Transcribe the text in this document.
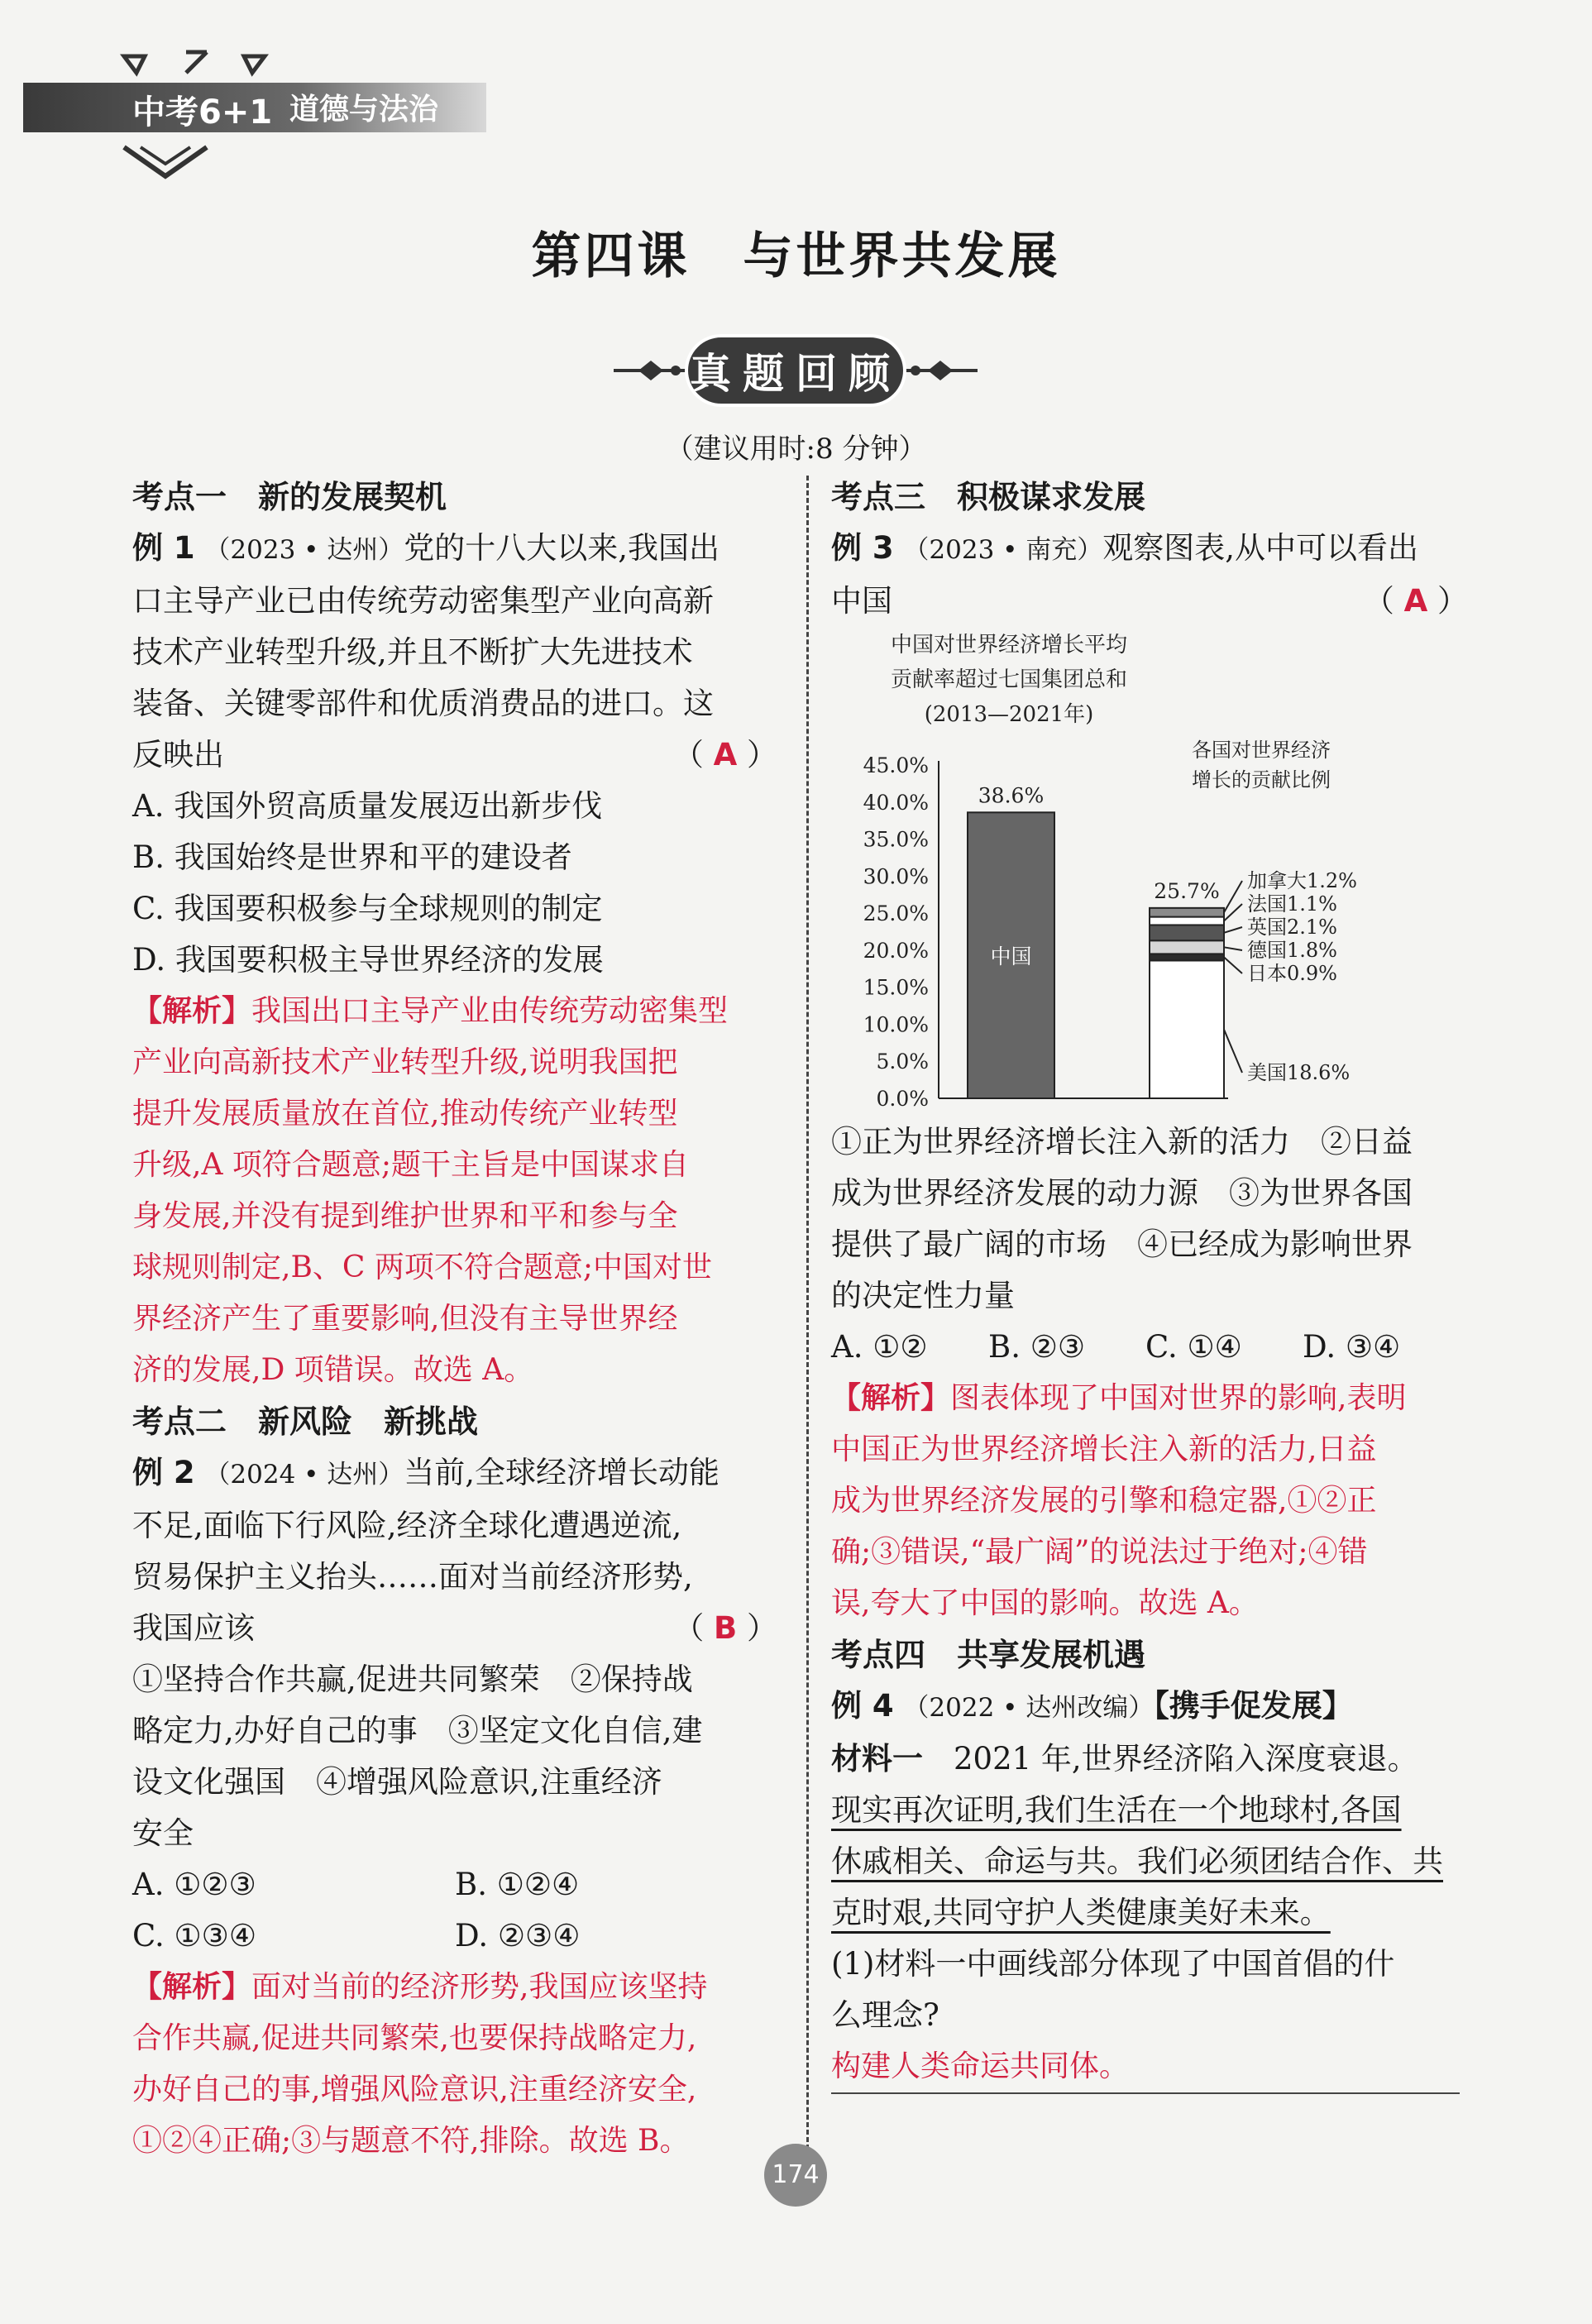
中考6+1 道德与法治
第四课　与世界共发展
真题回顾
（建议用时:8 分钟）
考点一　新的发展契机
例 1 （2023 • 达州）党的十八大以来,我国出
口主导产业已由传统劳动密集型产业向高新
技术产业转型升级,并且不断扩大先进技术
装备、关键零部件和优质消费品的进口。这
反映出	（ A ）
A. 我国外贸高质量发展迈出新步伐
B. 我国始终是世界和平的建设者
C. 我国要积极参与全球规则的制定
D. 我国要积极主导世界经济的发展
【解析】我国出口主导产业由传统劳动密集型
产业向高新技术产业转型升级,说明我国把
提升发展质量放在首位,推动传统产业转型
升级,A 项符合题意;题干主旨是中国谋求自
身发展,并没有提到维护世界和平和参与全
球规则制定,B、C 两项不符合题意;中国对世
界经济产生了重要影响,但没有主导世界经
济的发展,D 项错误。故选 A。
考点二　新风险　新挑战
例 2 （2024 • 达州）当前,全球经济增长动能
不足,面临下行风险,经济全球化遭遇逆流,
贸易保护主义抬头……面对当前经济形势,
我国应该	（ B ）
①坚持合作共赢,促进共同繁荣　②保持战
略定力,办好自己的事　③坚定文化自信,建
设文化强国　④增强风险意识,注重经济
安全
A. ①②③	B. ①②④
C. ①③④	D. ②③④
【解析】面对当前的经济形势,我国应该坚持
合作共赢,促进共同繁荣,也要保持战略定力,
办好自己的事,增强风险意识,注重经济安全,
①②④正确;③与题意不符,排除。故选 B。
考点三　积极谋求发展
例 3 （2023 • 南充）观察图表,从中可以看出
中国	（ A ）
中国对世界经济增长平均
贡献率超过七国集团总和
(2013—2021年)
各国对世界经济
增长的贡献比例
45.0%
40.0%
35.0%
30.0%
25.0%
20.0%
15.0%
10.0%
5.0%
0.0%
38.6%
中国
美国18.6%
日本0.9%
德国1.8%
英国2.1%
法国1.1%
加拿大1.2%
25.7%
①正为世界经济增长注入新的活力　②日益
成为世界经济发展的动力源　③为世界各国
提供了最广阔的市场　④已经成为影响世界
的决定性力量
A. ①②	B. ②③	C. ①④	D. ③④
【解析】图表体现了中国对世界的影响,表明
中国正为世界经济增长注入新的活力,日益
成为世界经济发展的引擎和稳定器,①②正
确;③错误,“最广阔”的说法过于绝对;④错
误,夸大了中国的影响。故选 A。
考点四　共享发展机遇
例 4 （2022 • 达州改编）【携手促发展】
材料一　2021 年,世界经济陷入深度衰退。
现实再次证明,我们生活在一个地球村,各国
休戚相关、命运与共。我们必须团结合作、共
克时艰,共同守护人类健康美好未来。
(1)材料一中画线部分体现了中国首倡的什
么理念?
构建人类命运共同体。
174
